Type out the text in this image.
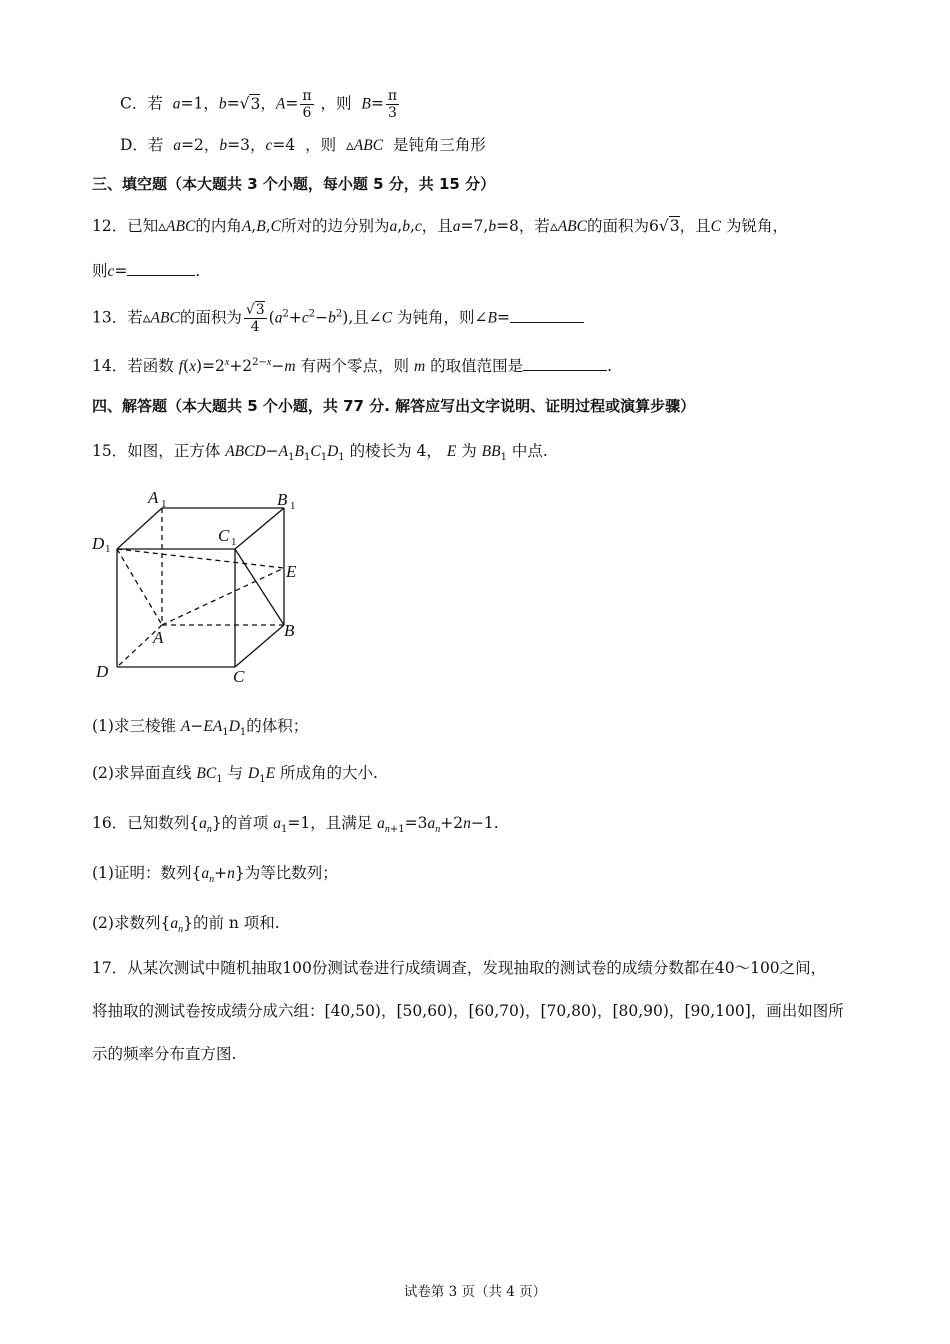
C．若 a=1，b=√3，$A= \frac{\pi}{6}$ ，则 $B= \frac{\pi}{3}$
D．若 a=2，b=3，c=4  ，则  ▵ABC 是钝角三角形
三、填空题（本大题共 3 个小题，每小题 5 分，共 15 分）
12．已知▵ABC的内角A,B,C所对的边分别为a,b,c，且a=7,b=8，若▵ABC的面积为6√3，且C 为锐角，
则c=	.
13．若▵ABC的面积为 $\frac{√3}{4} (a^2+c^2-b^2)$,且∠C 为钝角，则∠B=
14．若函数 $f(x)=2^x+2^{2-x}-m$ 有两个零点，则 m 的取值范围是	.
四、解答题（本大题共 5 个小题，共 77 分. 解答应写出文字说明、证明过程或演算步骤）
15．如图，正方体 $ABCD-A_1B_1C_1D_1$ 的棱长为 4， E 为 $BB_1$ 中点.
A 1	B 1
C 1
D 1
E
B
A
D	C
(1)求三棱锥 $A-EA_1D_1$的体积；
(2)求异面直线 $BC_1$ 与 $D_1E$ 所成角的大小.
16．已知数列$\{a_n\}$的首项 $a_1=1$，且满足 $a_{n+1}=3a_n+2n-1$.
(1)证明：数列$\{a_n+n\}$为等比数列；
(2)求数列$\{a_n\}$的前 n 项和.
17．从某次测试中随机抽取100份测试卷进行成绩调查，发现抽取的测试卷的成绩分数都在40～100之间，
将抽取的测试卷按成绩分成六组：[40,50)，[50,60)，[60,70)，[70,80)，[80,90)，[90,100]，画出如图所
示的频率分布直方图.
试卷第 3 页（共 4 页）
